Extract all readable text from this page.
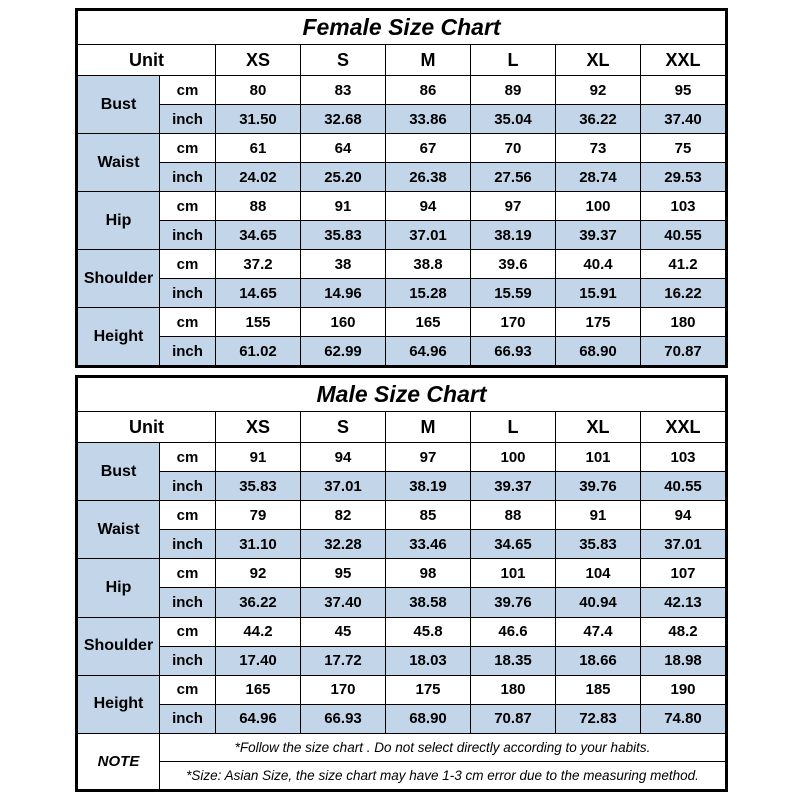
Female Size Chart							
Unit		XS	S	M	L	XL	XXL
Bust	cm	80	83	86	89	92	95
	inch	31.50	32.68	33.86	35.04	36.22	37.40
Waist	cm	61	64	67	70	73	75
	inch	24.02	25.20	26.38	27.56	28.74	29.53
Hip	cm	88	91	94	97	100	103
	inch	34.65	35.83	37.01	38.19	39.37	40.55
Shoulder	cm	37.2	38	38.8	39.6	40.4	41.2
	inch	14.65	14.96	15.28	15.59	15.91	16.22
Height	cm	155	160	165	170	175	180
	inch	61.02	62.99	64.96	66.93	68.90	70.87
Male Size Chart							
Unit		XS	S	M	L	XL	XXL
Bust	cm	91	94	97	100	101	103
	inch	35.83	37.01	38.19	39.37	39.76	40.55
Waist	cm	79	82	85	88	91	94
	inch	31.10	32.28	33.46	34.65	35.83	37.01
Hip	cm	92	95	98	101	104	107
	inch	36.22	37.40	38.58	39.76	40.94	42.13
Shoulder	cm	44.2	45	45.8	46.6	47.4	48.2
	inch	17.40	17.72	18.03	18.35	18.66	18.98
Height	cm	165	170	175	180	185	190
	inch	64.96	66.93	68.90	70.87	72.83	74.80
NOTE	*Follow the size chart . Do not select directly according to your habits.						
	*Size: Asian Size, the size chart may have 1-3 cm error due to the measuring method.						
